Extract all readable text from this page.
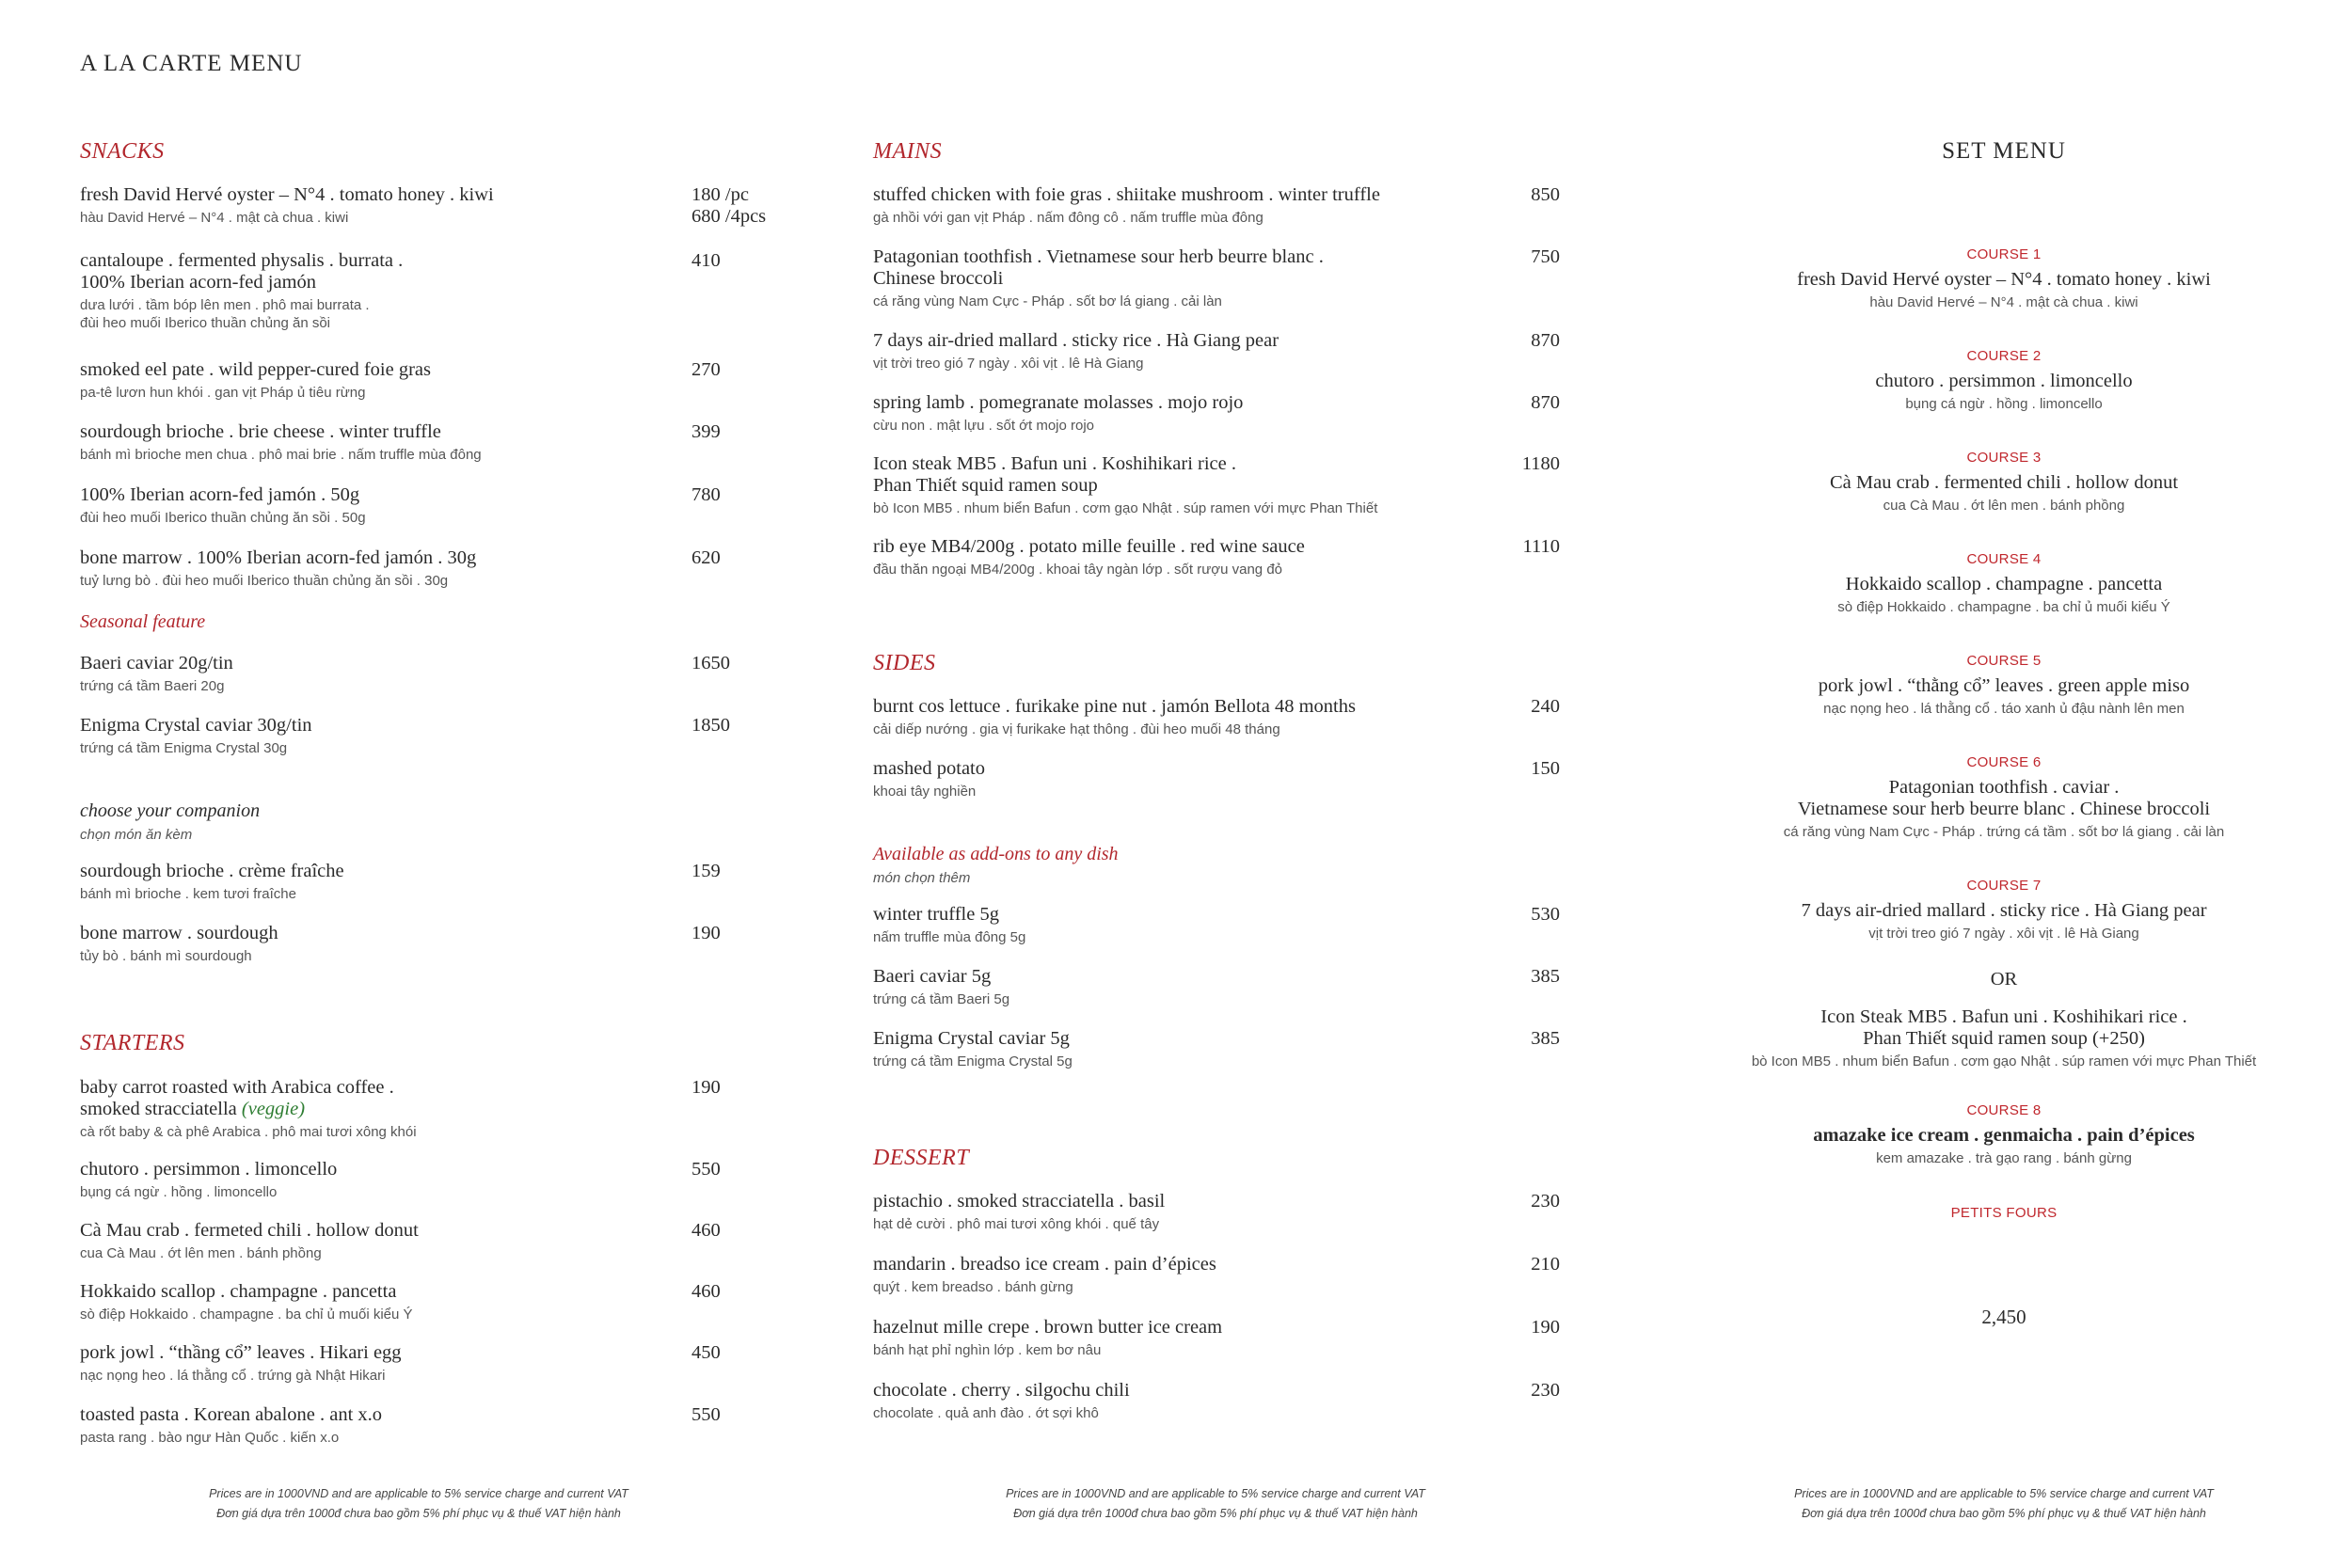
A LA CARTE MENU
SNACKS
fresh David Hervé oyster – N°4 . tomato honey . kiwi
hàu David Hervé – N°4 . mật cà chua . kiwi
180 /pc
680 /4pcs
cantaloupe . fermented physalis . burrata .
100% Iberian acorn-fed jamón
dưa lưới . tầm bóp lên men . phô mai burrata .
đùi heo muối Iberico thuần chủng ăn sồi
410
smoked eel pate . wild pepper-cured foie gras
pa-tê lươn hun khói . gan vịt Pháp ủ tiêu rừng
270
sourdough brioche . brie cheese . winter truffle
bánh mì brioche men chua . phô mai brie . nấm truffle mùa đông
399
100% Iberian acorn-fed jamón . 50g
đùi heo muối Iberico thuần chủng ăn sồi . 50g
780
bone marrow . 100% Iberian acorn-fed jamón . 30g
tuỷ lưng bò . đùi heo muối Iberico thuần chủng ăn sồi . 30g
620
Seasonal feature
Baeri caviar 20g/tin
trứng cá tầm Baeri 20g
1650
Enigma Crystal caviar 30g/tin
trứng cá tầm Enigma Crystal 30g
1850
choose your companion
chọn món ăn kèm
sourdough brioche . crème fraîche
bánh mì brioche . kem tươi fraîche
159
bone marrow . sourdough
tủy bò . bánh mì sourdough
190
STARTERS
baby carrot roasted with Arabica coffee .
smoked stracciatella (veggie)
cà rốt baby & cà phê Arabica . phô mai tươi xông khói
190
chutoro . persimmon . limoncello
bụng cá ngừ . hồng . limoncello
550
Cà Mau crab . fermeted chili . hollow donut
cua Cà Mau . ớt lên men . bánh phồng
460
Hokkaido scallop . champagne . pancetta
sò điệp Hokkaido . champagne . ba chỉ ủ muối kiểu Ý
460
pork jowl . “thầng cổ” leaves . Hikari egg
nạc nọng heo . lá thằng cổ . trứng gà Nhật Hikari
450
toasted pasta . Korean abalone . ant x.o
pasta rang . bào ngư Hàn Quốc . kiến x.o
550
Prices are in 1000VND and are applicable to 5% service charge and current VAT
Đơn giá dựa trên 1000đ chưa bao gồm 5% phí phục vụ & thuế VAT hiện hành
MAINS
stuffed chicken with foie gras . shiitake mushroom . winter truffle
gà nhồi với gan vịt Pháp . nấm đông cô . nấm truffle mùa đông
850
Patagonian toothfish . Vietnamese sour herb beurre blanc .
Chinese broccoli
cá răng vùng Nam Cực - Pháp . sốt bơ lá giang . cải làn
750
7 days air-dried mallard . sticky rice . Hà Giang pear
vịt trời treo gió 7 ngày . xôi vịt . lê Hà Giang
870
spring lamb . pomegranate molasses . mojo rojo
cừu non . mật lựu . sốt ớt mojo rojo
870
Icon steak MB5 . Bafun uni . Koshihikari rice .
Phan Thiết squid ramen soup
bò Icon MB5 . nhum biển Bafun . cơm gạo Nhật . súp ramen với mực Phan Thiết
1180
rib eye MB4/200g . potato mille feuille . red wine sauce
đầu thăn ngoại MB4/200g . khoai tây ngàn lớp . sốt rượu vang đỏ
1110
SIDES
burnt cos lettuce . furikake pine nut . jamón Bellota 48 months
cải diếp nướng . gia vị furikake hạt thông . đùi heo muối 48 tháng
240
mashed potato
khoai tây nghiền
150
Available as add-ons to any dish
món chọn thêm
winter truffle 5g
nấm truffle mùa đông 5g
530
Baeri caviar 5g
trứng cá tầm Baeri 5g
385
Enigma Crystal caviar 5g
trứng cá tầm Enigma Crystal 5g
385
DESSERT
pistachio . smoked stracciatella . basil
hạt dẻ cười . phô mai tươi xông khói . quế tây
230
mandarin . breadso ice cream . pain d’épices
quýt . kem breadso . bánh gừng
210
hazelnut mille crepe . brown butter ice cream
bánh hạt phỉ nghìn lớp . kem bơ nâu
190
chocolate . cherry . silgochu chili
chocolate . quả anh đào . ớt sợi khô
230
Prices are in 1000VND and are applicable to 5% service charge and current VAT
Đơn giá dựa trên 1000đ chưa bao gồm 5% phí phục vụ & thuế VAT hiện hành
SET MENU
COURSE 1
fresh David Hervé oyster – N°4 . tomato honey . kiwi
hàu David Hervé – N°4 . mật cà chua . kiwi
COURSE 2
chutoro . persimmon . limoncello
bụng cá ngừ . hồng . limoncello
COURSE 3
Cà Mau crab . fermented chili . hollow donut
cua Cà Mau . ớt lên men . bánh phồng
COURSE 4
Hokkaido scallop . champagne . pancetta
sò điệp Hokkaido . champagne . ba chỉ ủ muối kiểu Ý
COURSE 5
pork jowl . “thằng cổ” leaves . green apple miso
nạc nọng heo . lá thằng cổ . táo xanh ủ đậu nành lên men
COURSE 6
Patagonian toothfish . caviar .
Vietnamese sour herb beurre blanc . Chinese broccoli
cá răng vùng Nam Cực - Pháp . trứng cá tầm . sốt bơ lá giang . cải làn
COURSE 7
7 days air-dried mallard . sticky rice . Hà Giang pear
vịt trời treo gió 7 ngày . xôi vịt . lê Hà Giang
OR
Icon Steak MB5 . Bafun uni . Koshihikari rice .
Phan Thiết squid ramen soup (+250)
bò Icon MB5 . nhum biển Bafun . cơm gạo Nhật . súp ramen với mực Phan Thiết
COURSE 8
amazake ice cream . genmaicha . pain d’épices
kem amazake . trà gạo rang . bánh gừng
PETITS FOURS
2,450
Prices are in 1000VND and are applicable to 5% service charge and current VAT
Đơn giá dựa trên 1000đ chưa bao gồm 5% phí phục vụ & thuế VAT hiện hành
